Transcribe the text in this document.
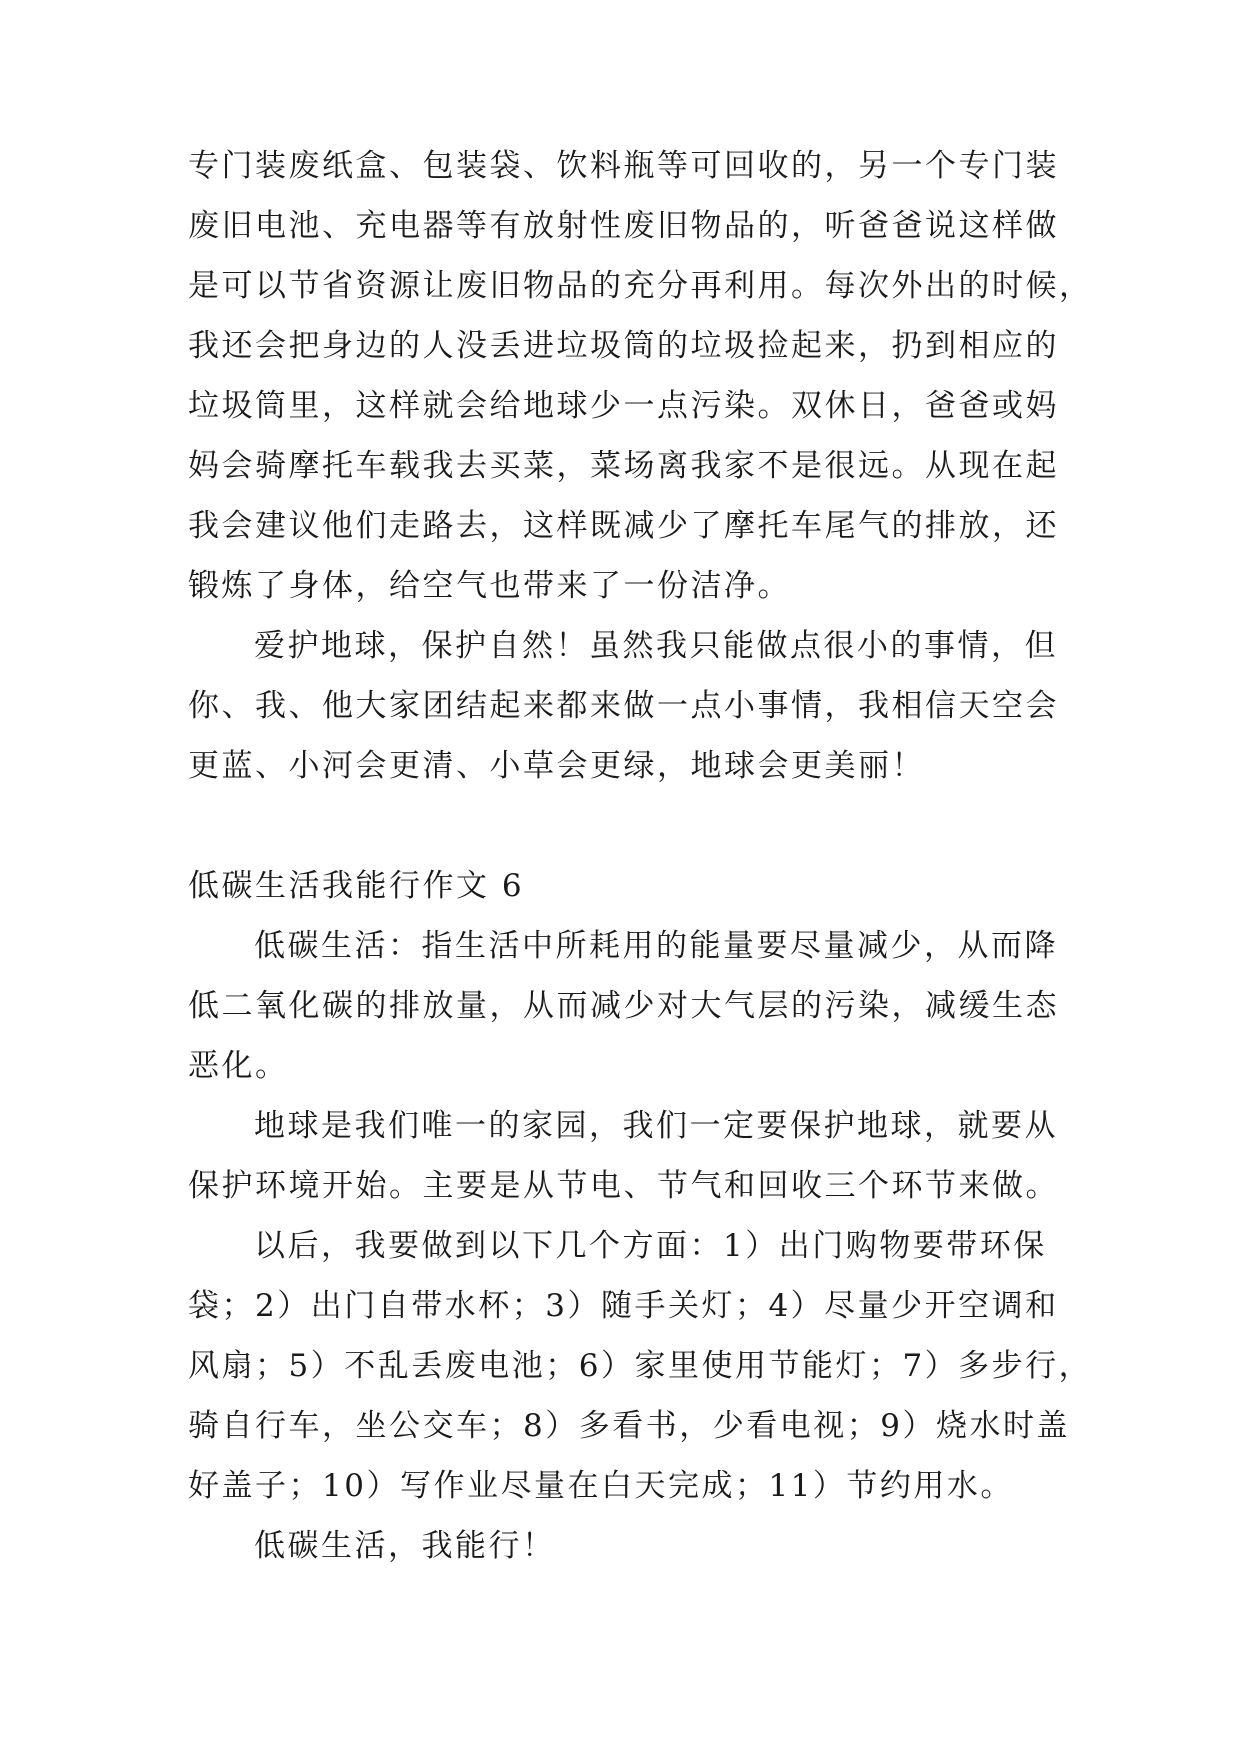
专门装废纸盒、包装袋、饮料瓶等可回收的，另一个专门装
废旧电池、充电器等有放射性废旧物品的，听爸爸说这样做
是可以节省资源让废旧物品的充分再利用。每次外出的时候，
我还会把身边的人没丢进垃圾筒的垃圾捡起来，扔到相应的
垃圾筒里，这样就会给地球少一点污染。双休日，爸爸或妈
妈会骑摩托车载我去买菜，菜场离我家不是很远。从现在起
我会建议他们走路去，这样既减少了摩托车尾气的排放，还
锻炼了身体，给空气也带来了一份洁净。
爱护地球，保护自然！虽然我只能做点很小的事情，但
你、我、他大家团结起来都来做一点小事情，我相信天空会
更蓝、小河会更清、小草会更绿，地球会更美丽！
低碳生活我能行作文 6
低碳生活：指生活中所耗用的能量要尽量减少，从而降
低二氧化碳的排放量，从而减少对大气层的污染，减缓生态
恶化。
地球是我们唯一的家园，我们一定要保护地球，就要从
保护环境开始。主要是从节电、节气和回收三个环节来做。
以后，我要做到以下几个方面：1）出门购物要带环保
袋；2）出门自带水杯；3）随手关灯；4）尽量少开空调和
风扇；5）不乱丢废电池；6）家里使用节能灯；7）多步行，
骑自行车，坐公交车；8）多看书，少看电视；9）烧水时盖
好盖子；10）写作业尽量在白天完成；11）节约用水。
低碳生活，我能行！
